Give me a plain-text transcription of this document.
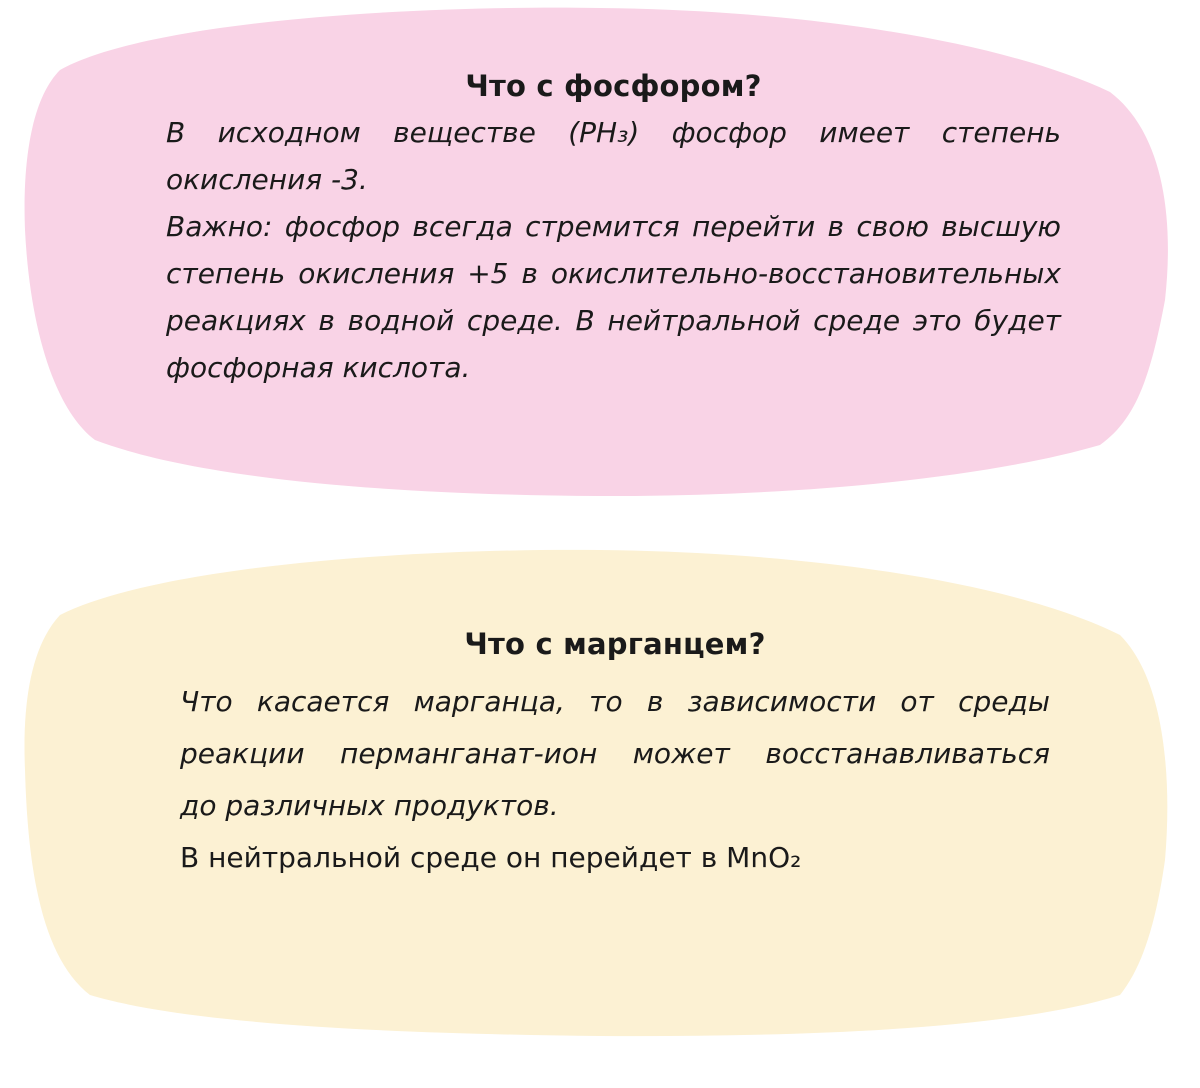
Что с фосфором?

В исходном веществе (PH₃) фосфор имеет степень
окисления -3.
Важно: фосфор всегда стремится перейти в свою высшую
степень окисления +5 в окислительно-восстановительных
реакциях в водной среде. В нейтральной среде это будет
фосфорная кислота.

Что с марганцем?

Что касается марганца, то в зависимости от среды
реакции перманганат-ион может восстанавливаться
до различных продуктов.
В нейтральной среде он перейдет в MnO₂
